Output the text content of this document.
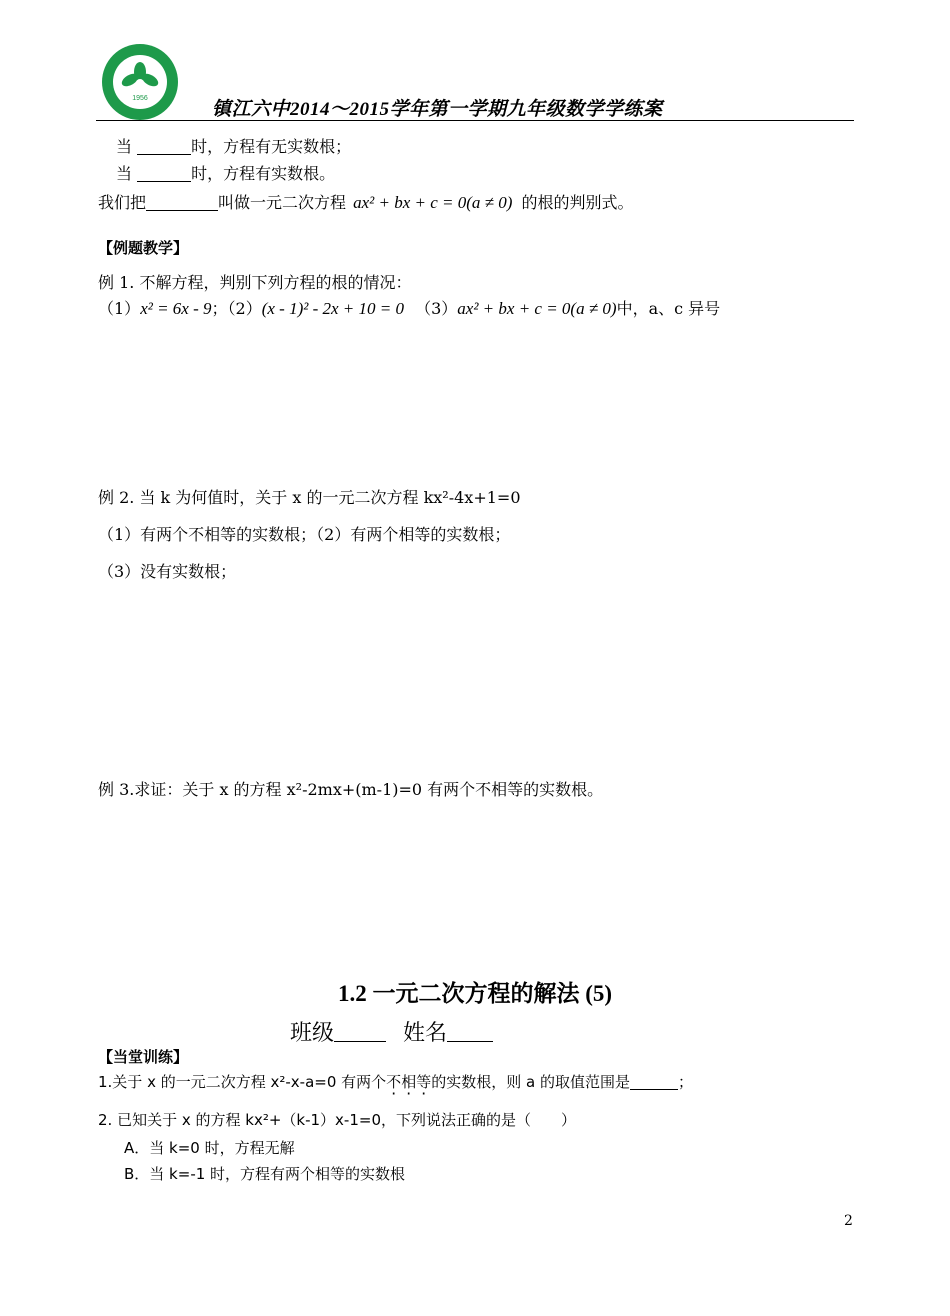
1956
镇江六中2014～2015学年第一学期九年级数学学练案
当	时，方程有无实数根；
当	时，方程有实数根。
我们把	叫做一元二次方程 ax² + bx + c = 0(a ≠ 0) 的根的判别式。
【例题教学】
例 1. 不解方程，判别下列方程的根的情况：
（1）x² = 6x - 9；（2）(x - 1)² - 2x + 10 = 0 （3）ax² + bx + c = 0(a ≠ 0)中，a、c 异号
例 2. 当 k 为何值时，关于 x 的一元二次方程 kx²-4x+1=0
（1）有两个不相等的实数根；（2）有两个相等的实数根；
（3）没有实数根；
例 3.求证：关于 x 的方程 x²-2mx+(m-1)=0 有两个不相等的实数根。
1.2 一元二次方程的解法 (5)
班级	姓名
【当堂训练】
1.关于 x 的一元二次方程 x²-x-a=0 有两个不相等的实数根，则 a 的取值范围是	；
2. 已知关于 x 的方程 kx²+（k-1）x-1=0，下列说法正确的是（　　）
A．当 k=0 时，方程无解
B．当 k=-1 时，方程有两个相等的实数根
2
